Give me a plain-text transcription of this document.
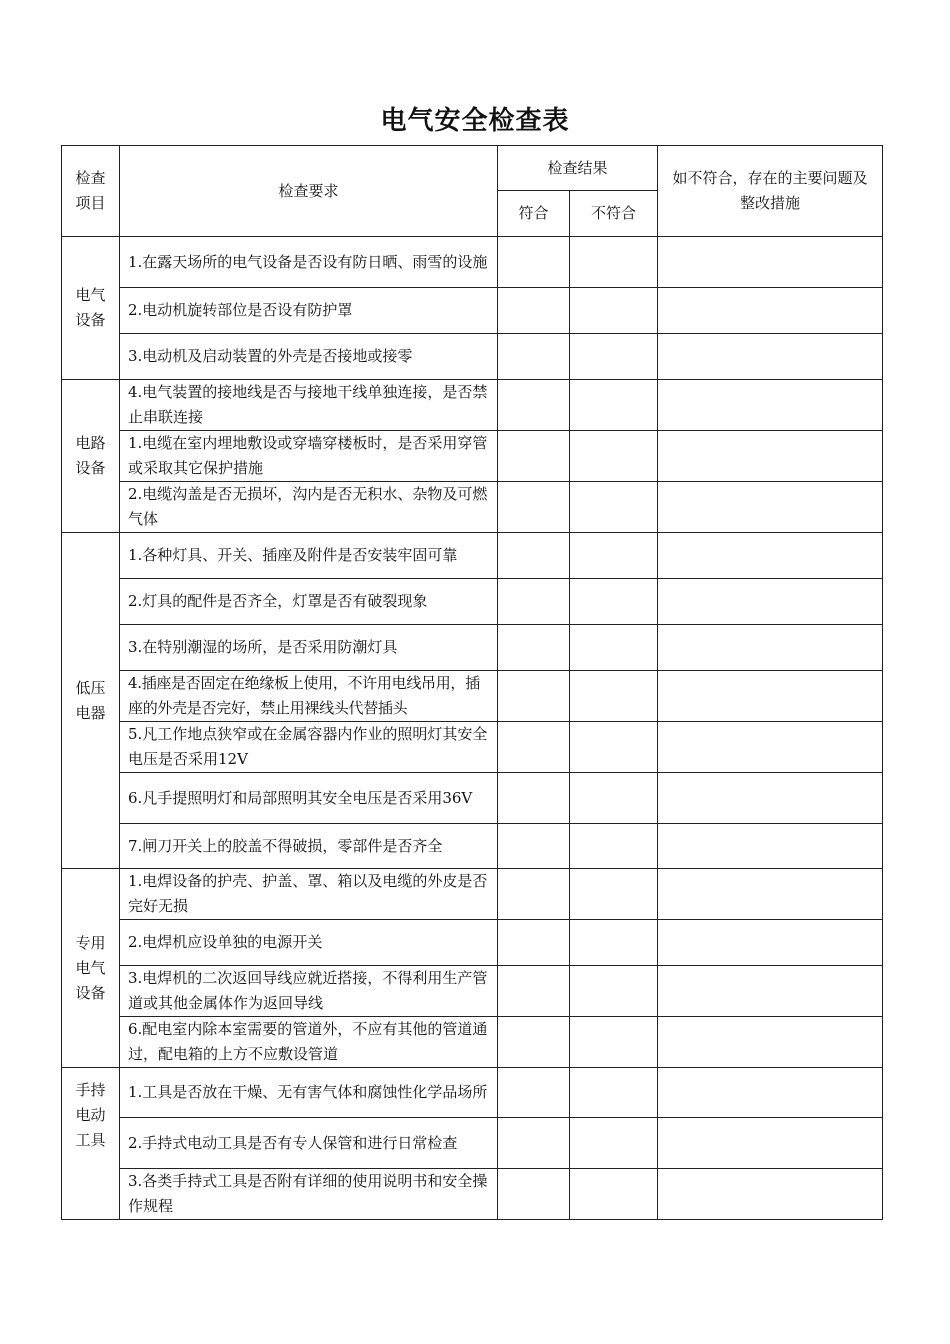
电气安全检查表
检查项目	检查要求	检查结果		如不符合，存在的主要问题及整改措施
		符合	不符合	
电气设备	1.在露天场所的电气设备是否设有防日晒、雨雪的设施			
	2.电动机旋转部位是否设有防护罩			
	3.电动机及启动装置的外壳是否接地或接零			
电路设备	4.电气装置的接地线是否与接地干线单独连接，是否禁止串联连接			
	1.电缆在室内埋地敷设或穿墙穿楼板时，是否采用穿管或采取其它保护措施			
	2.电缆沟盖是否无损坏，沟内是否无积水、杂物及可燃气体			
低压电器	1.各种灯具、开关、插座及附件是否安装牢固可靠			
	2.灯具的配件是否齐全，灯罩是否有破裂现象			
	3.在特别潮湿的场所，是否采用防潮灯具			
	4.插座是否固定在绝缘板上使用，不许用电线吊用，插座的外壳是否完好，禁止用裸线头代替插头			
	5.凡工作地点狭窄或在金属容器内作业的照明灯其安全电压是否采用12V			
	6.凡手提照明灯和局部照明其安全电压是否采用36V			
	7.闸刀开关上的胶盖不得破损，零部件是否齐全			
专用电气设备	1.电焊设备的护壳、护盖、罩、箱以及电缆的外皮是否完好无损			
	2.电焊机应设单独的电源开关			
	3.电焊机的二次返回导线应就近搭接，不得利用生产管道或其他金属体作为返回导线			
	6.配电室内除本室需要的管道外，不应有其他的管道通过，配电箱的上方不应敷设管道			
手持电动工具	1.工具是否放在干燥、无有害气体和腐蚀性化学品场所			
	2.手持式电动工具是否有专人保管和进行日常检查			
	3.各类手持式工具是否附有详细的使用说明书和安全操作规程			
